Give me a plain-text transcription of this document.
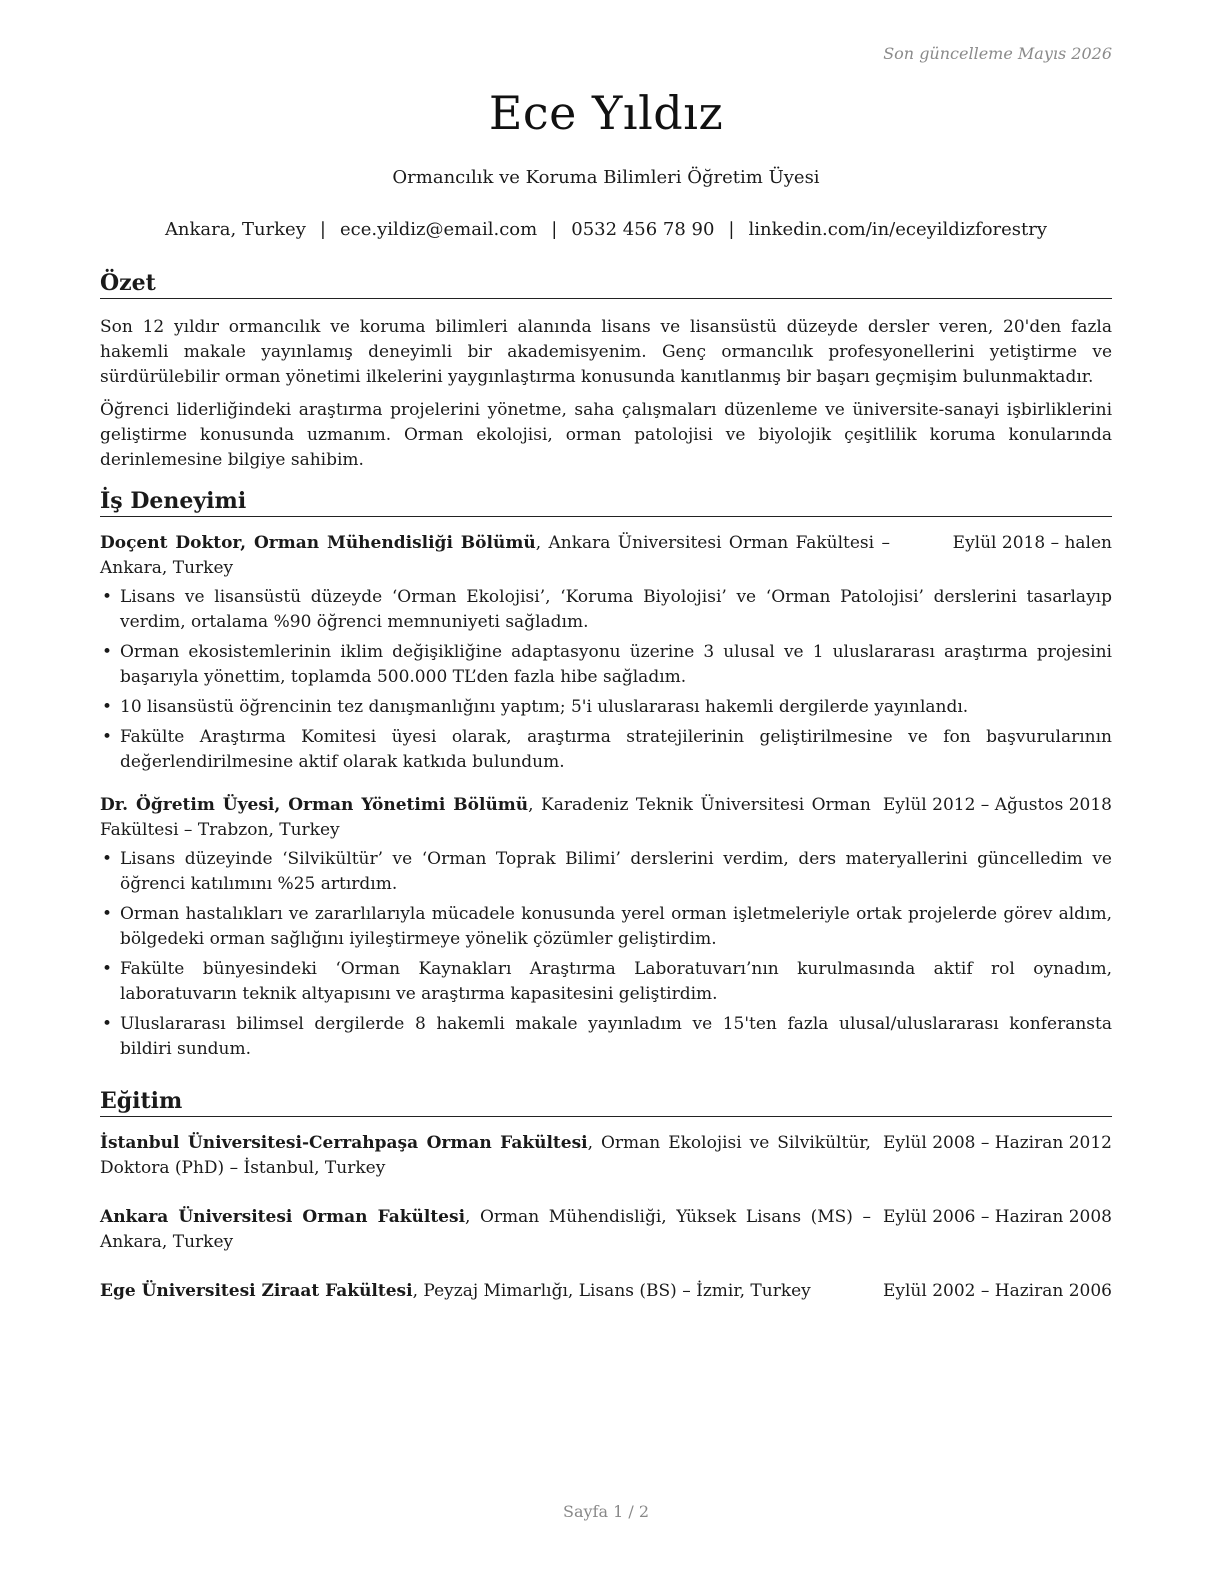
Son güncelleme Mayıs 2026
Ece Yıldız
Ormancılık ve Koruma Bilimleri Öğretim Üyesi
Ankara, Turkey | ece.yildiz@email.com | 0532 456 78 90 | linkedin.com/in/eceyildizforestry
Özet

Son 12 yıldır ormancılık ve koruma bilimleri alanında lisans ve lisansüstü düzeyde dersler veren, 20'den fazla hakemli makale yayınlamış deneyimli bir akademisyenim. Genç ormancılık profesyonellerini yetiştirme ve sürdürülebilir orman yönetimi ilkelerini yaygınlaştırma konusunda kanıtlanmış bir başarı geçmişim bulunmaktadır.

Öğrenci liderliğindeki araştırma projelerini yönetme, saha çalışmaları düzenleme ve üniversite-sanayi işbirliklerini geliştirme konusunda uzmanım. Orman ekolojisi, orman patolojisi ve biyolojik çeşitlilik koruma konularında derinlemesine bilgiye sahibim.

İş Deneyimi
Doçent Doktor, Orman Mühendisliği Bölümü, Ankara Üniversitesi Orman Fakültesi – Ankara, Turkey
Eylül 2018 – halen
• Lisans ve lisansüstü düzeyde ‘Orman Ekolojisi’, ‘Koruma Biyolojisi’ ve ‘Orman Patolojisi’ derslerini tasarlayıp verdim, ortalama %90 öğrenci memnuniyeti sağladım.
• Orman ekosistemlerinin iklim değişikliğine adaptasyonu üzerine 3 ulusal ve 1 uluslararası araştırma projesini başarıyla yönettim, toplamda 500.000 TL’den fazla hibe sağladım.
• 10 lisansüstü öğrencinin tez danışmanlığını yaptım; 5'i uluslararası hakemli dergilerde yayınlandı.
• Fakülte Araştırma Komitesi üyesi olarak, araştırma stratejilerinin geliştirilmesine ve fon başvurularının değerlendirilmesine aktif olarak katkıda bulundum.
Dr. Öğretim Üyesi, Orman Yönetimi Bölümü, Karadeniz Teknik Üniversitesi Orman Fakültesi – Trabzon, Turkey
Eylül 2012 – Ağustos 2018
• Lisans düzeyinde ‘Silvikültür’ ve ‘Orman Toprak Bilimi’ derslerini verdim, ders materyallerini güncelledim ve öğrenci katılımını %25 artırdım.
• Orman hastalıkları ve zararlılarıyla mücadele konusunda yerel orman işletmeleriyle ortak projelerde görev aldım, bölgedeki orman sağlığını iyileştirmeye yönelik çözümler geliştirdim.
• Fakülte bünyesindeki ‘Orman Kaynakları Araştırma Laboratuvarı’nın kurulmasında aktif rol oynadım, laboratuvarın teknik altyapısını ve araştırma kapasitesini geliştirdim.
• Uluslararası bilimsel dergilerde 8 hakemli makale yayınladım ve 15'ten fazla ulusal/uluslararası konferansta bildiri sundum.
Eğitim
İstanbul Üniversitesi-Cerrahpaşa Orman Fakültesi, Orman Ekolojisi ve Silvikültür, Doktora (PhD) – İstanbul, Turkey
Eylül 2008 – Haziran 2012
Ankara Üniversitesi Orman Fakültesi, Orman Mühendisliği, Yüksek Lisans (MS) – Ankara, Turkey
Eylül 2006 – Haziran 2008
Ege Üniversitesi Ziraat Fakültesi, Peyzaj Mimarlığı, Lisans (BS) – İzmir, Turkey	Eylül 2002 – Haziran 2006
Sayfa 1 / 2
